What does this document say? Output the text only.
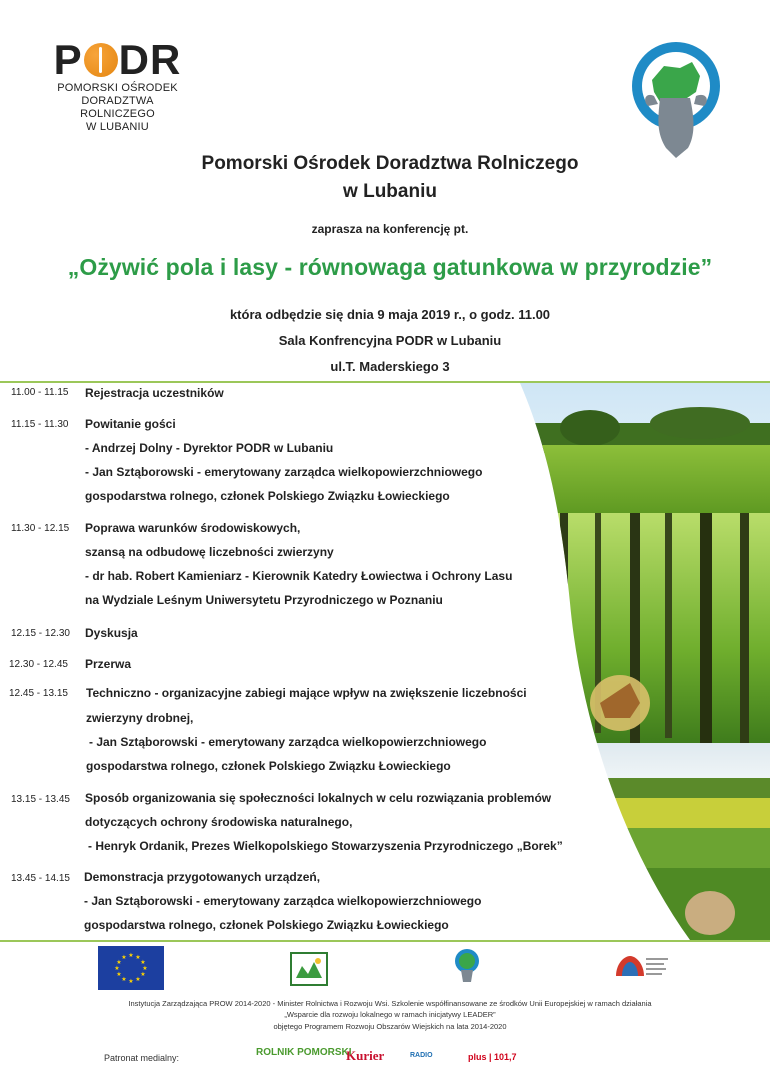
P DR
POMORSKI OŚRODEK
DORADZTWA ROLNICZEGO
W LUBANIU
Pomorski Ośrodek Doradztwa Rolniczego
w Lubaniu
zaprasza na konferencję pt.
„Ożywić pola i lasy - równowaga gatunkowa w przyrodzie”
która odbędzie się dnia 9 maja 2019 r., o godz. 11.00
Sala Konfrencyjna PODR w Lubaniu
ul.T. Maderskiego 3
11.00 - 11.15 Rejestracja uczestników
11.15 - 11.30 Powitanie gości
- Andrzej Dolny - Dyrektor PODR w Lubaniu
- Jan Sztąborowski - emerytowany zarządca wielkopowierzchniowego
gospodarstwa rolnego, członek Polskiego Związku Łowieckiego
11.30 - 12.15 Poprawa warunków środowiskowych,
szansą na odbudowę liczebności zwierzyny
- dr hab. Robert Kamieniarz - Kierownik Katedry Łowiectwa i Ochrony Lasu
na Wydziale Leśnym Uniwersytetu Przyrodniczego w Poznaniu
12.15 - 12.30 Dyskusja
12.30 - 12.45 Przerwa
12.45 - 13.15 Techniczno - organizacyjne zabiegi mające wpływ na zwiększenie liczebności
zwierzyny drobnej,
- Jan Sztąborowski - emerytowany zarządca wielkopowierzchniowego
gospodarstwa rolnego, członek Polskiego Związku Łowieckiego
13.15 - 13.45 Sposób organizowania się społeczności lokalnych w celu rozwiązania problemów
dotyczących ochrony środowiska naturalnego,
- Henryk Ordanik, Prezes Wielkopolskiego Stowarzyszenia Przyrodniczego „Borek”
13.45 - 14.15 Demonstracja przygotowanych urządzeń,
- Jan Sztąborowski - emerytowany zarządca wielkopowierzchniowego
gospodarstwa rolnego, członek Polskiego Związku Łowieckiego
★ ★
★
★
★
★
★
★
★
★
★
★
Instytucja Zarządzająca PROW 2014-2020 - Minister Rolnictwa i Rozwoju Wsi. Szkolenie współfinansowane ze środków Unii Europejskiej w ramach działania
„Wsparcie dla rozwoju lokalnego w ramach inicjatywy LEADER”
objętego Programem Rozwoju Obszarów Wiejskich na lata 2014-2020
Patronat medialny:	ROLNIK POMORSKI
Kurier	RADIO	plus | 101,7
